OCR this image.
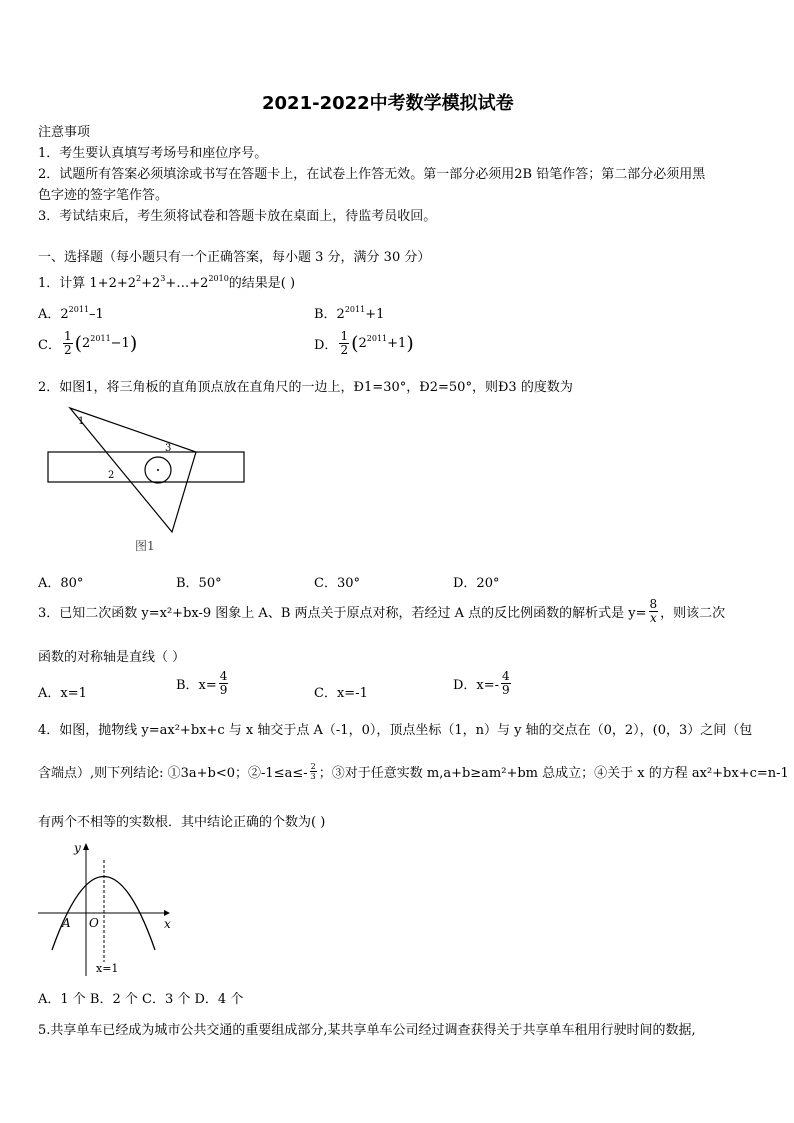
2021-2022中考数学模拟试卷
注意事项
1．考生要认真填写考场号和座位序号。
2．试题所有答案必须填涂或书写在答题卡上，在试卷上作答无效。第一部分必须用2B 铅笔作答；第二部分必须用黑
色字迹的签字笔作答。
3．考试结束后，考生须将试卷和答题卡放在桌面上，待监考员收回。
一、选择题（每小题只有一个正确答案，每小题 3 分，满分 30 分）
1．计算 $1+2+2^2+2^3+\dots+2^{2010}$的结果是( )
A．$2^{2011}-1$	B．$2^{2011}+1$
C． $\frac{1}{2} (2^{2011}-1)$	D． $\frac{1}{2} (2^{2011}+1)$
2．如图1，将三角板的直角顶点放在直角尺的一边上，Ð1=30°，Ð2=50°，则Ð3 的度数为
1
2
3
图1
A．80°	B．50°	C．30°	D．20°
3．已知二次函数 y=x²+bx-9 图象上 A、B 两点关于原点对称，若经过 A 点的反比例函数的解析式是 $y= \frac{8}{x}$ ，则该二次
函数的对称轴是直线（ ）
A．x=1
B．$x= \frac{4}{9}$	C．x=-1
D．$x=- \frac{4}{9}$
4．如图，抛物线 y=ax²+bx+c 与 x 轴交于点 A（-1，0），顶点坐标（1，n）与 y 轴的交点在（0，2），(0，3）之间（包
含端点）,则下列结论: ①3a+b<0；②-1≤a≤- $\frac{2}{3}$ ；③对于任意实数 m,a+b≥am²+bm 总成立；④关于 x 的方程 ax²+bx+c=n-1
有两个不相等的实数根．其中结论正确的个数为( )
y
x
A O
x=1
A．1 个 B．2 个 C．3 个 D．4 个
5.共享单车已经成为城市公共交通的重要组成部分,某共享单车公司经过调查获得关于共享单车租用行驶时间的数据,
